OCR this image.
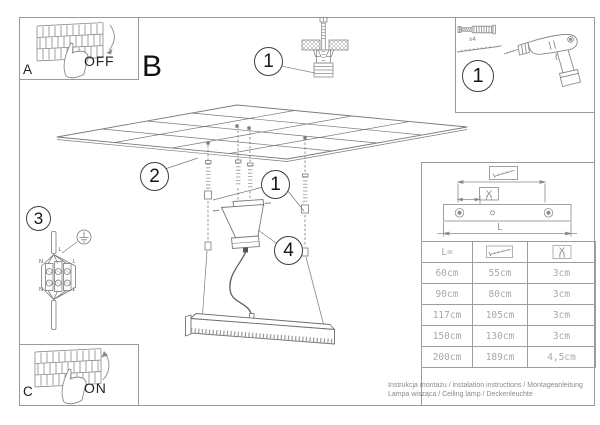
1
1
2	1
4
3
A
OFF B
C	ON
x4
L
N	L
N	L
L
L=		
60cm	55cm	3cm
90cm	80cm	3cm
117cm	105cm	3cm
150cm	130cm	3cm
200cm	189cm	4,5cm
Instrukcja montażu / instalation instructions / Montageanleitung
Lampa wisząca / Ceiling lamp / Deckenleuchte
